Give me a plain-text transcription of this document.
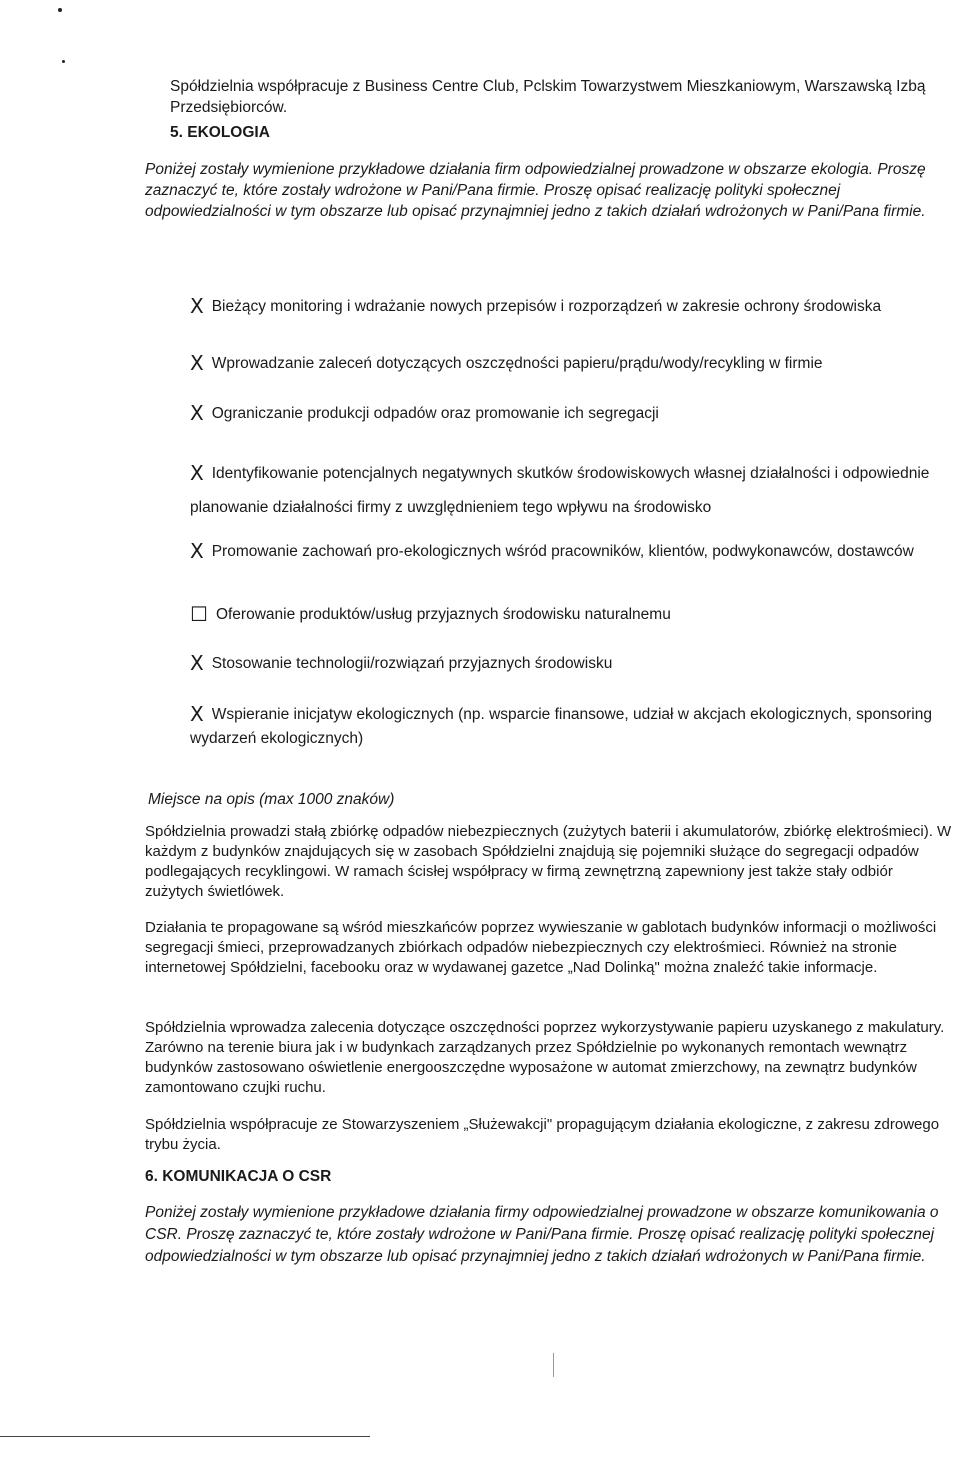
Spółdzielnia współpracuje z Business Centre Club, Pclskim Towarzystwem Mieszkaniowym, Warszawską Izbą Przedsiębiorców.

5. EKOLOGIA

Poniżej zostały wymienione przykładowe działania firm odpowiedzialnej prowadzone w obszarze ekologia. Proszę zaznaczyć te, które zostały wdrożone w Pani/Pana firmie. Proszę opisać realizację polityki społecznej odpowiedzialności w tym obszarze lub opisać przynajmniej jedno z takich działań wdrożonych w Pani/Pana firmie.

X Bieżący monitoring i wdrażanie nowych przepisów i rozporządzeń w zakresie ochrony środowiska
X Wprowadzanie zaleceń dotyczących oszczędności papieru/prądu/wody/recykling w firmie
X Ograniczanie produkcji odpadów oraz promowanie ich segregacji
X Identyfikowanie potencjalnych negatywnych skutków środowiskowych własnej działalności i odpowiednie planowanie działalności firmy z uwzględnieniem tego wpływu na środowisko
X Promowanie zachowań pro-ekologicznych wśród pracowników, klientów, podwykonawców, dostawców
☐ Oferowanie produktów/usług przyjaznych środowisku naturalnemu
X Stosowanie technologii/rozwiązań przyjaznych środowisku
X Wspieranie inicjatyw ekologicznych (np. wsparcie finansowe, udział w akcjach ekologicznych, sponsoring wydarzeń ekologicznych)

Miejsce na opis (max 1000 znaków)

Spółdzielnia prowadzi stałą zbiórkę odpadów niebezpiecznych (zużytych baterii i akumulatorów, zbiórkę elektrośmieci). W każdym z budynków znajdujących się w zasobach Spółdzielni znajdują się pojemniki służące do segregacji odpadów podlegających recyklingowi. W ramach ścisłej współpracy w firmą zewnętrzną zapewniony jest także stały odbiór zużytych świetlówek.

Działania te propagowane są wśród mieszkańców poprzez wywieszanie w gablotach budynków informacji o możliwości segregacji śmieci, przeprowadzanych zbiórkach odpadów niebezpiecznych czy elektrośmieci. Również na stronie internetowej Spółdzielni, facebooku oraz w wydawanej gazetce „Nad Dolinką" można znaleźć takie informacje.

Spółdzielnia wprowadza zalecenia dotyczące oszczędności poprzez wykorzystywanie papieru uzyskanego z makulatury. Zarówno na terenie biura jak i w budynkach zarządzanych przez Spółdzielnie po wykonanych remontach wewnątrz budynków zastosowano oświetlenie energooszczędne wyposażone w automat zmierzchowy, na zewnątrz budynków zamontowano czujki ruchu.

Spółdzielnia współpracuje ze Stowarzyszeniem „Służewakcji" propagującym działania ekologiczne, z zakresu zdrowego trybu życia.

6. KOMUNIKACJA O CSR

Poniżej zostały wymienione przykładowe działania firmy odpowiedzialnej prowadzone w obszarze komunikowania o CSR. Proszę zaznaczyć te, które zostały wdrożone w Pani/Pana firmie. Proszę opisać realizację polityki społecznej odpowiedzialności w tym obszarze lub opisać przynajmniej jedno z takich działań wdrożonych w Pani/Pana firmie.
